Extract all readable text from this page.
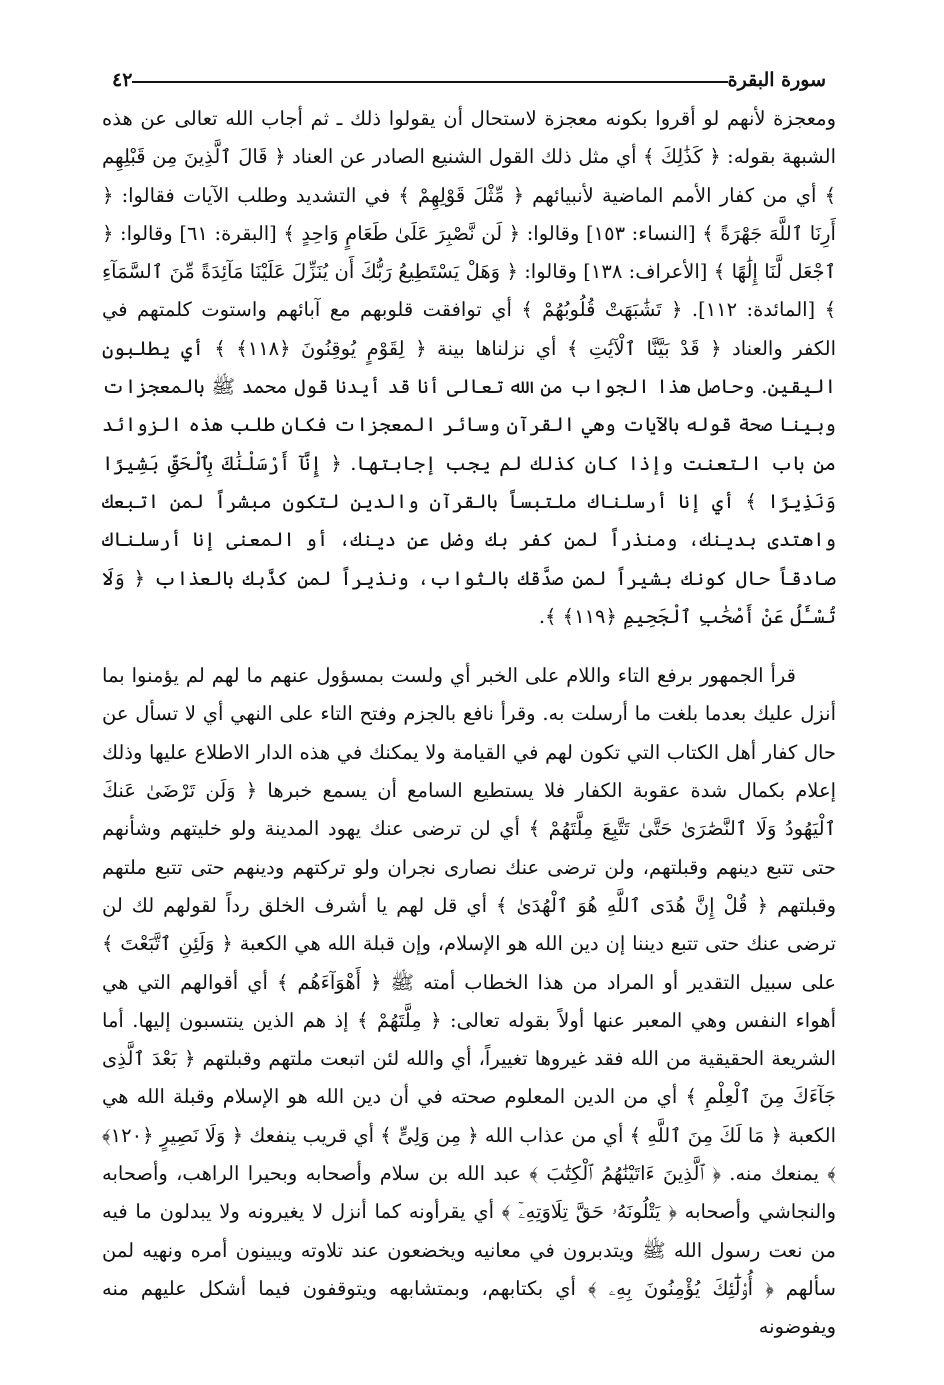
سورة البقرة
٤٢

ومعجزة لأنهم لو أقروا بكونه معجزة لاستحال أن يقولوا ذلك ـ ثم أجاب الله تعالى عن هذه الشبهة بقوله: ﴿ كَذَٰلِكَ ﴾ أي مثل ذلك القول الشنيع الصادر عن العناد ﴿ قَالَ ٱلَّذِينَ مِن قَبْلِهِم ﴾ أي من كفار الأمم الماضية لأنبيائهم ﴿ مِّثْلَ قَوْلِهِمْ ﴾ في التشديد وطلب الآيات فقالوا: ﴿ أَرِنَا ٱللَّهَ جَهْرَةً ﴾ [النساء: ١٥٣] وقالوا: ﴿ لَن نَّصْبِرَ عَلَىٰ طَعَامٍ وَاحِدٍ ﴾ [البقرة: ٦١] وقالوا: ﴿ ٱجْعَل لَّنَا إِلَٰهًا ﴾ [الأعراف: ١٣٨] وقالوا: ﴿ وَهَلْ يَسْتَطِيعُ رَبُّكَ أَن يُنَزِّلَ عَلَيْنَا مَآئِدَةً مِّنَ ٱلسَّمَآءِ ﴾ [المائدة: ١١٢]. ﴿ تَشَٰبَهَتْ قُلُوبُهُمْ ﴾ أي توافقت قلوبهم مع آبائهم واستوت كلمتهم في الكفر والعناد ﴿ قَدْ بَيَّنَّا ٱلْآيَٰتِ ﴾ أي نزلناها بينة ﴿ لِقَوْمٍ يُوقِنُونَ ﴿١١٨﴾ ﴾ أي يطلبون اليقين. وحاصل هذا الجواب من الله تعالى أنا قد أيدنا قول محمد ﷺ بالمعجزات وبينا صحة قوله بالآيات وهي القرآن وسائر المعجزات فكان طلب هذه الزوائد من باب التعنت وإذا كان كذلك لم يجب إجابتها. ﴿ إِنَّآ أَرْسَلْنَٰكَ بِٱلْحَقِّ بَشِيرًا وَنَذِيرًا ﴾ أي إنا أرسلناك ملتبساً بالقرآن والدين لتكون مبشراً لمن اتبعك واهتدى بدينك، ومنذراً لمن كفر بك وضل عن دينك، أو المعنى إنا أرسلناك صادقاً حال كونك بشيراً لمن صدَّقك بالثواب، ونذيراً لمن كذَّبك بالعذاب ﴿ وَلَا تُسْـَٔلُ عَنْ أَصْحَٰبِ ٱلْجَحِيمِ ﴿١١٩﴾ ﴾.

قرأ الجمهور برفع التاء واللام على الخبر أي ولست بمسؤول عنهم ما لهم لم يؤمنوا بما أنزل عليك بعدما بلغت ما أرسلت به. وقرأ نافع بالجزم وفتح التاء على النهي أي لا تسأل عن حال كفار أهل الكتاب التي تكون لهم في القيامة ولا يمكنك في هذه الدار الاطلاع عليها وذلك إعلام بكمال شدة عقوبة الكفار فلا يستطيع السامع أن يسمع خبرها ﴿ وَلَن تَرْضَىٰ عَنكَ ٱلْيَهُودُ وَلَا ٱلنَّصَٰرَىٰ حَتَّىٰ تَتَّبِعَ مِلَّتَهُمْ ﴾ أي لن ترضى عنك يهود المدينة ولو خليتهم وشأنهم حتى تتبع دينهم وقبلتهم، ولن ترضى عنك نصارى نجران ولو تركتهم ودينهم حتى تتبع ملتهم وقبلتهم ﴿ قُلْ إِنَّ هُدَى ٱللَّهِ هُوَ ٱلْهُدَىٰ ﴾ أي قل لهم يا أشرف الخلق رداً لقولهم لك لن ترضى عنك حتى تتبع ديننا إن دين الله هو الإسلام، وإن قبلة الله هي الكعبة ﴿ وَلَئِنِ ٱتَّبَعْتَ ﴾ على سبيل التقدير أو المراد من هذا الخطاب أمته ﷺ ﴿ أَهْوَآءَهُم ﴾ أي أقوالهم التي هي أهواء النفس وهي المعبر عنها أولاً بقوله تعالى: ﴿ مِلَّتَهُمْ ﴾ إذ هم الذين ينتسبون إليها. أما الشريعة الحقيقية من الله فقد غيروها تغييراً، أي والله لئن اتبعت ملتهم وقبلتهم ﴿ بَعْدَ ٱلَّذِى جَآءَكَ مِنَ ٱلْعِلْمِ ﴾ أي من الدين المعلوم صحته في أن دين الله هو الإسلام وقبلة الله هي الكعبة ﴿ مَا لَكَ مِنَ ٱللَّهِ ﴾ أي من عذاب الله ﴿ مِن وَلِىٍّ ﴾ أي قريب ينفعك ﴿ وَلَا نَصِيرٍ ﴿١٢٠﴾ ﴾ يمنعك منه. ﴿ ٱلَّذِينَ ءَاتَيْنَٰهُمُ ٱلْكِتَٰبَ ﴾ عبد الله بن سلام وأصحابه وبحيرا الراهب، وأصحابه والنجاشي وأصحابه ﴿ يَتْلُونَهُۥ حَقَّ تِلَاوَتِهِۦٓ ﴾ أي يقرأونه كما أنزل لا يغيرونه ولا يبدلون ما فيه من نعت رسول الله ﷺ ويتدبرون في معانيه ويخضعون عند تلاوته ويبينون أمره ونهيه لمن سألهم ﴿ أُو۟لَٰٓئِكَ يُؤْمِنُونَ بِهِۦ ﴾ أي بكتابهم، وبمتشابهه ويتوقفون فيما أشكل عليهم منه ويفوضونه
